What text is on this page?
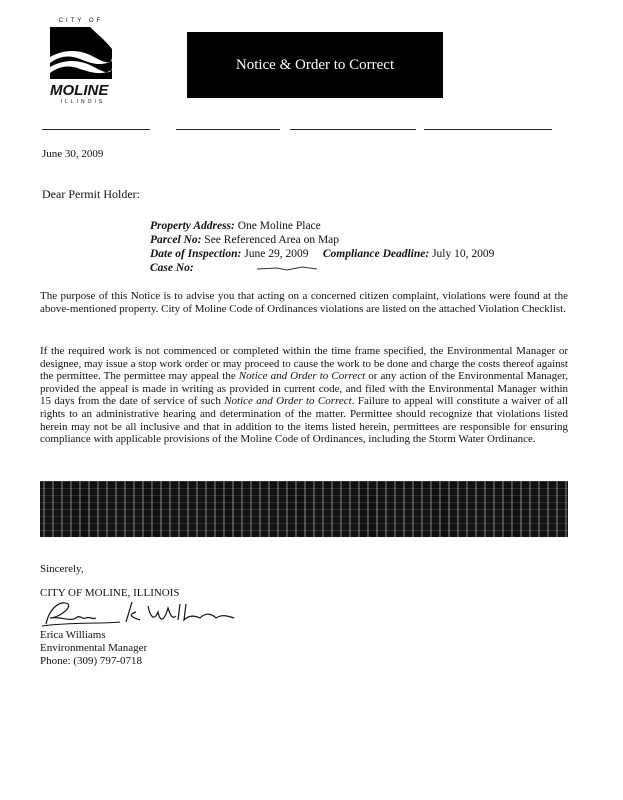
CITY OF
MOLINE
ILLINOIS
Notice & Order to Correct
June 30, 2009
Dear Permit Holder:
Property Address: One Moline Place
Parcel No: See Referenced Area on Map
Date of Inspection: June 29, 2009 Compliance Deadline: July 10, 2009
Case No:

The purpose of this Notice is to advise you that acting on a concerned citizen complaint, violations were found at the above-mentioned property. City of Moline Code of Ordinances violations are listed on the attached Violation Checklist.

If the required work is not commenced or completed within the time frame specified, the Environmental Manager or designee, may issue a stop work order or may proceed to cause the work to be done and charge the costs thereof against the permittee. The permittee may appeal the Notice and Order to Correct or any action of the Environmental Manager, provided the appeal is made in writing as provided in current code, and filed with the Environmental Manager within 15 days from the date of service of such Notice and Order to Correct. Failure to appeal will constitute a waiver of all rights to an administrative hearing and determination of the matter. Permittee should recognize that violations listed herein may not be all inclusive and that in addition to the items listed herein, permittees are responsible for ensuring compliance with applicable provisions of the Moline Code of Ordinances, including the Storm Water Ordinance.

Sincerely,
CITY OF MOLINE, ILLINOIS
Erica Williams
Environmental Manager
Phone: (309) 797-0718
